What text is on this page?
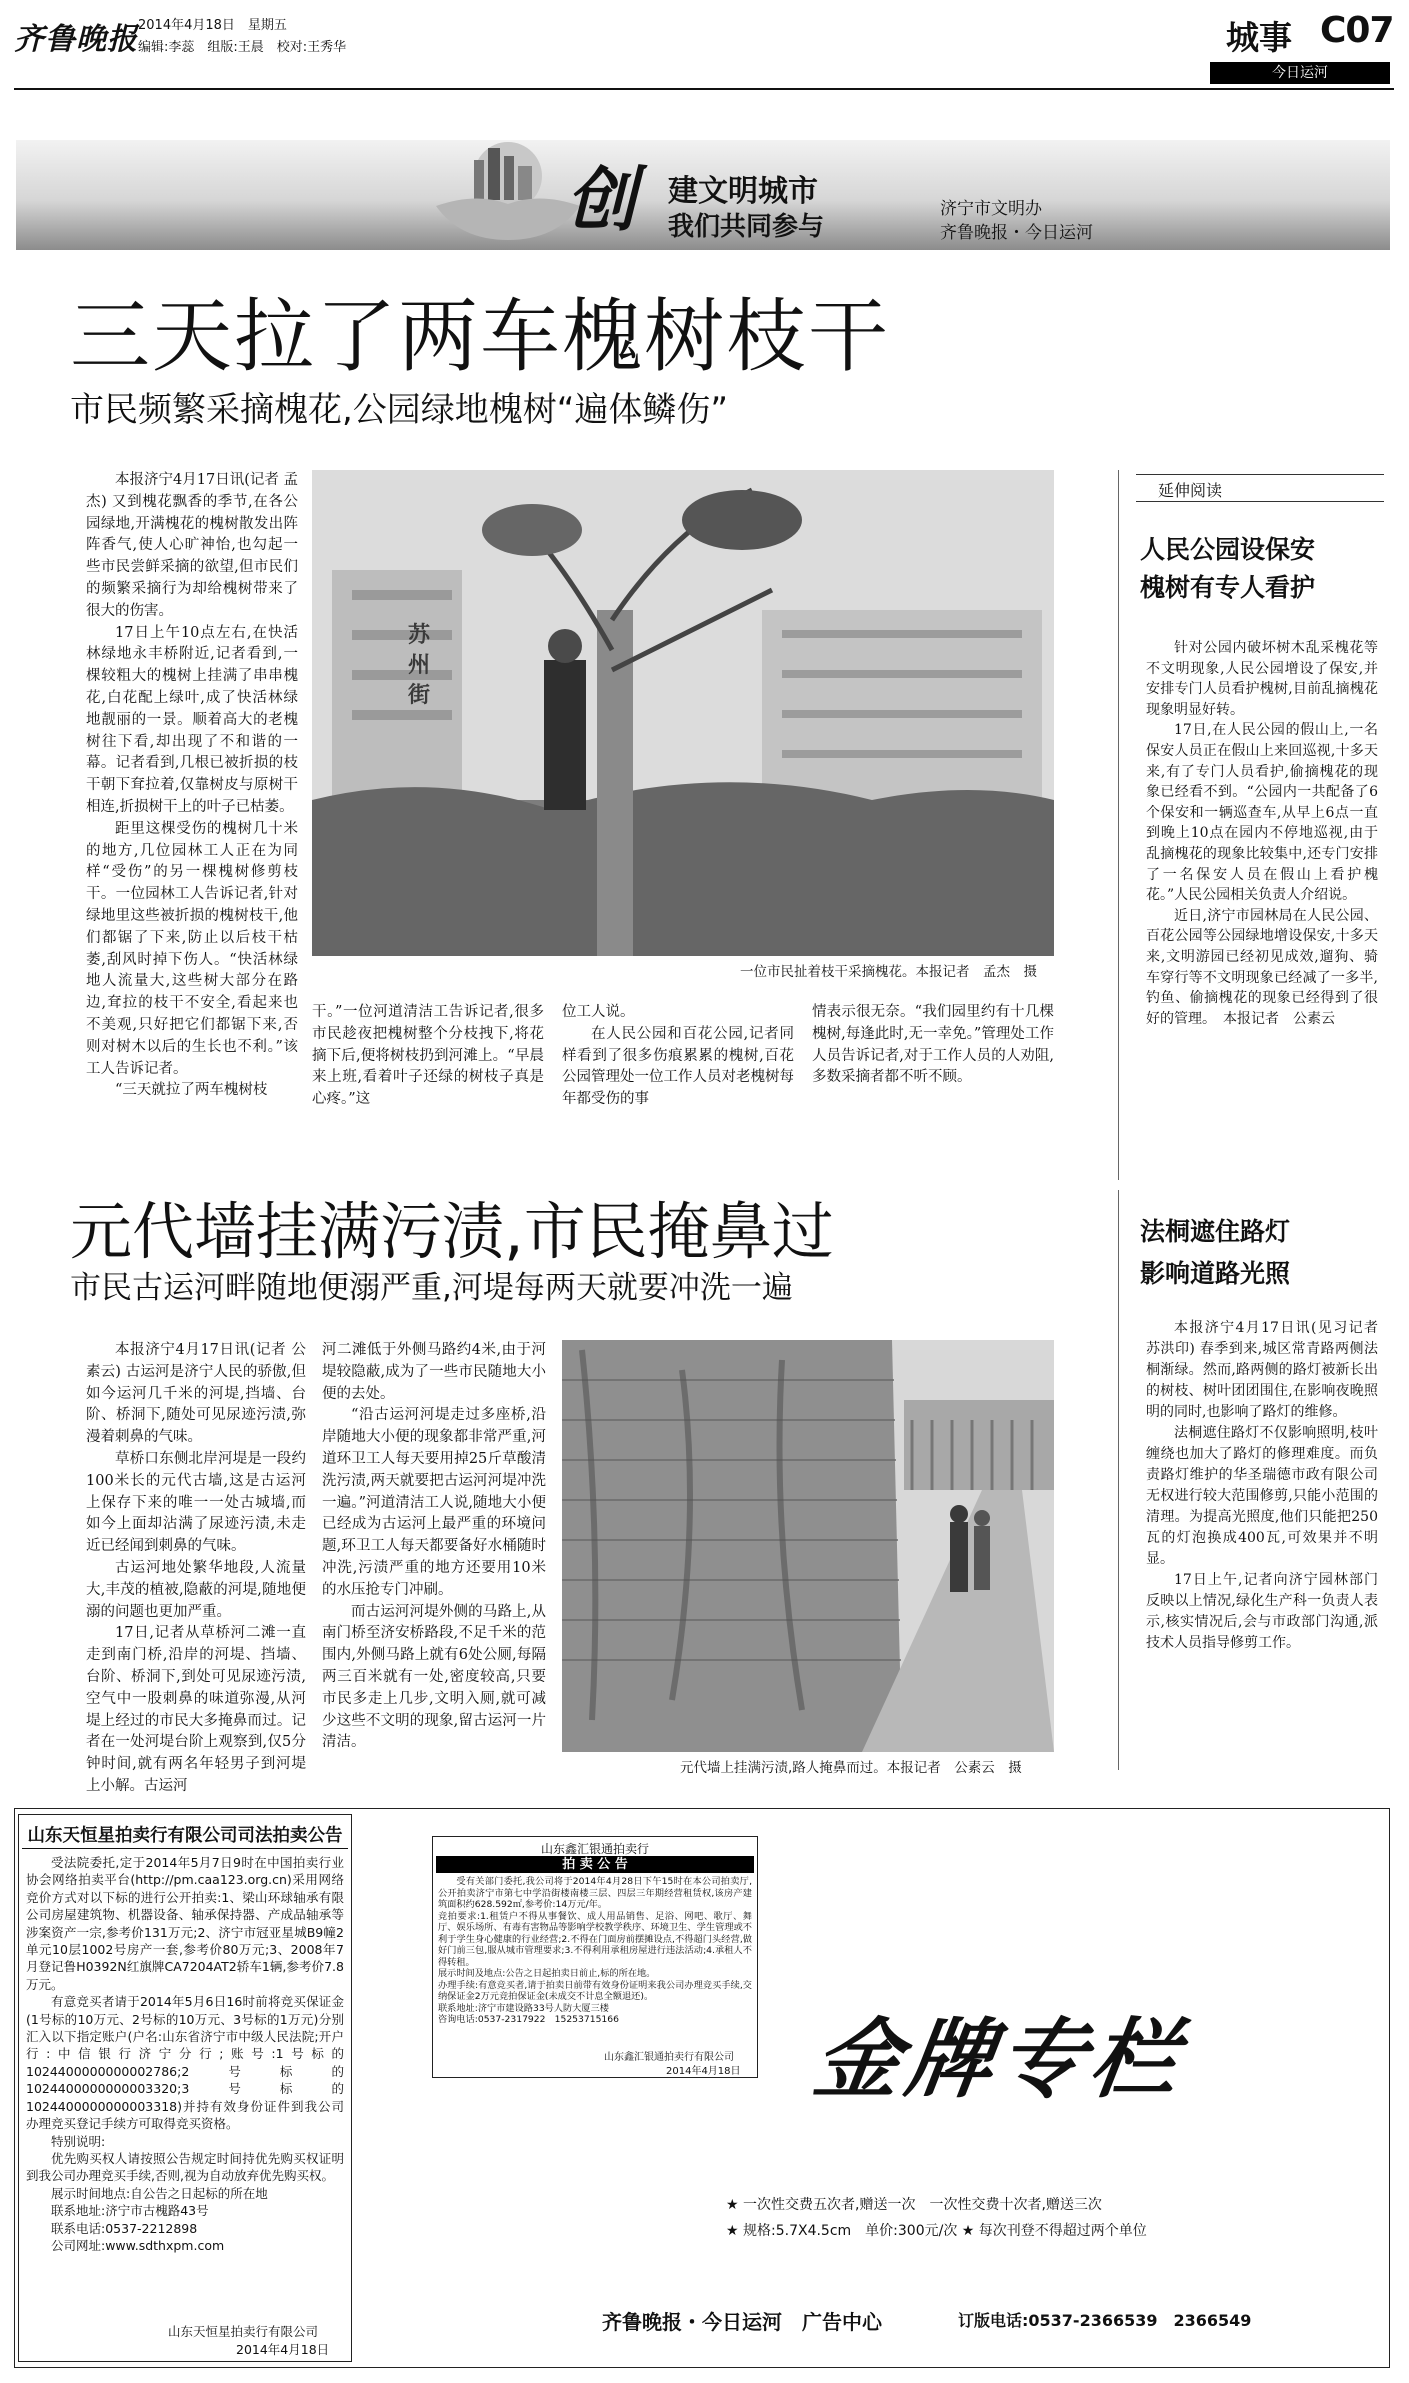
齐鲁晚报 2014年4月18日　星期五
编辑:李蕊　组版:王晨　校对:王秀华	城事 C07
今日运河
创 建文明城市
我们共同参与
济宁市文明办
齐鲁晚报・今日运河
三天拉了两车槐树枝干
市民频繁采摘槐花,公园绿地槐树“遍体鳞伤”

本报济宁4月17日讯(记者 孟杰) 又到槐花飘香的季节,在各公园绿地,开满槐花的槐树散发出阵阵香气,使人心旷神怡,也勾起一些市民尝鲜采摘的欲望,但市民们的频繁采摘行为却给槐树带来了很大的伤害。

17日上午10点左右,在快活林绿地永丰桥附近,记者看到,一棵较粗大的槐树上挂满了串串槐花,白花配上绿叶,成了快活林绿地靓丽的一景。顺着高大的老槐树往下看,却出现了不和谐的一幕。记者看到,几根已被折损的枝干朝下耷拉着,仅靠树皮与原树干相连,折损树干上的叶子已枯萎。

距里这棵受伤的槐树几十米的地方,几位园林工人正在为同样“受伤”的另一棵槐树修剪枝干。一位园林工人告诉记者,针对绿地里这些被折损的槐树枝干,他们都锯了下来,防止以后枝干枯萎,刮风时掉下伤人。“快活林绿地人流量大,这些树大部分在路边,耷拉的枝干不安全,看起来也不美观,只好把它们都锯下来,否则对树木以后的生长也不利。”该工人告诉记者。

“三天就拉了两车槐树枝

苏州街
一位市民扯着枝干采摘槐花。本报记者　孟杰　摄

干。”一位河道清洁工告诉记者,很多市民趁夜把槐树整个分枝拽下,将花摘下后,便将树枝扔到河滩上。“早晨来上班,看着叶子还绿的树枝子真是心疼。”这

位工人说。

在人民公园和百花公园,记者同样看到了很多伤痕累累的槐树,百花公园管理处一位工作人员对老槐树每年都受伤的事

情表示很无奈。“我们园里约有十几棵槐树,每逢此时,无一幸免。”管理处工作人员告诉记者,对于工作人员的人劝阻,多数采摘者都不听不顾。

延伸阅读
人民公园设保安
槐树有专人看护

针对公园内破坏树木乱采槐花等不文明现象,人民公园增设了保安,并安排专门人员看护槐树,目前乱摘槐花现象明显好转。

17日,在人民公园的假山上,一名保安人员正在假山上来回巡视,十多天来,有了专门人员看护,偷摘槐花的现象已经看不到。“公园内一共配备了6个保安和一辆巡查车,从早上6点一直到晚上10点在园内不停地巡视,由于乱摘槐花的现象比较集中,还专门安排了一名保安人员在假山上看护槐花。”人民公园相关负责人介绍说。

近日,济宁市园林局在人民公园、百花公园等公园绿地增设保安,十多天来,文明游园已经初见成效,遛狗、骑车穿行等不文明现象已经减了一多半,钓鱼、偷摘槐花的现象已经得到了很好的管理。　本报记者　公素云

元代墙挂满污渍,市民掩鼻过
市民古运河畔随地便溺严重,河堤每两天就要冲洗一遍

本报济宁4月17日讯(记者 公素云) 古运河是济宁人民的骄傲,但如今运河几千米的河堤,挡墙、台阶、桥洞下,随处可见尿迹污渍,弥漫着刺鼻的气味。

草桥口东侧北岸河堤是一段约100米长的元代古墙,这是古运河上保存下来的唯一一处古城墙,而如今上面却沾满了尿迹污渍,未走近已经闻到刺鼻的气味。

古运河地处繁华地段,人流量大,丰茂的植被,隐蔽的河堤,随地便溺的问题也更加严重。

17日,记者从草桥河二滩一直走到南门桥,沿岸的河堤、挡墙、台阶、桥洞下,到处可见尿迹污渍,空气中一股刺鼻的味道弥漫,从河堤上经过的市民大多掩鼻而过。记者在一处河堤台阶上观察到,仅5分钟时间,就有两名年轻男子到河堤上小解。古运河

河二滩低于外侧马路约4米,由于河堤较隐蔽,成为了一些市民随地大小便的去处。

“沿古运河河堤走过多座桥,沿岸随地大小便的现象都非常严重,河道环卫工人每天要用掉25斤草酸清洗污渍,两天就要把古运河河堤冲洗一遍。”河道清洁工人说,随地大小便已经成为古运河上最严重的环境问题,环卫工人每天都要备好水桶随时冲洗,污渍严重的地方还要用10米的水压抢专门冲刷。

而古运河河堤外侧的马路上,从南门桥至济安桥路段,不足千米的范围内,外侧马路上就有6处公厕,每隔两三百米就有一处,密度较高,只要市民多走上几步,文明入厕,就可减少这些不文明的现象,留古运河一片清洁。

元代墙上挂满污渍,路人掩鼻而过。本报记者　公素云　摄
法桐遮住路灯
影响道路光照

本报济宁4月17日讯(见习记者　苏洪印) 春季到来,城区常青路两侧法桐渐绿。然而,路两侧的路灯被新长出的树枝、树叶团团围住,在影响夜晚照明的同时,也影响了路灯的维修。

法桐遮住路灯不仅影响照明,枝叶缠绕也加大了路灯的修理难度。而负责路灯维护的华圣瑞德市政有限公司无权进行较大范围修剪,只能小范围的清理。为提高光照度,他们只能把250瓦的灯泡换成400瓦,可效果并不明显。

17日上午,记者向济宁园林部门反映以上情况,绿化生产科一负责人表示,核实情况后,会与市政部门沟通,派技术人员指导修剪工作。

山东天恒星拍卖行有限公司司法拍卖公告

受法院委托,定于2014年5月7日9时在中国拍卖行业协会网络拍卖平台(http://pm.caa123.org.cn)采用网络竞价方式对以下标的进行公开拍卖:1、梁山环球轴承有限公司房屋建筑物、机器设备、轴承保持器、产成品轴承等涉案资产一宗,参考价131万元;2、济宁市冠亚星城B9幢2单元10层1002号房产一套,参考价80万元;3、2008年7月登记鲁H0392N红旗牌CA7204AT2轿车1辆,参考价7.8万元。

有意竞买者请于2014年5月6日16时前将竞买保证金(1号标的10万元、2号标的10万元、3号标的1万元)分别汇入以下指定账户(户名:山东省济宁市中级人民法院;开户行:中信银行济宁分行;账号:1号标的1024400000000002786;2号标的1024400000000003320;3号标的1024400000000003318)并持有效身份证件到我公司办理竞买登记手续方可取得竞买资格。

特别说明:

优先购买权人请按照公告规定时间持优先购买权证明到我公司办理竞买手续,否则,视为自动放弃优先购买权。

展示时间地点:自公告之日起标的所在地

联系地址:济宁市古槐路43号

联系电话:0537-2212898

公司网址:www.sdthxpm.com

山东天恒星拍卖行有限公司
2014年4月18日
山东鑫汇银通拍卖行
拍 卖 公 告

受有关部门委托,我公司将于2014年4月28日下午15时在本公司拍卖厅,公开拍卖济宁市第七中学沿街楼南楼三层、四层三年期经营租赁权,该房产建筑面积约628.592㎡,参考价:14万元/年。

竞拍要求:1.租赁户不得从事餐饮、成人用品销售、足浴、网吧、歌厅、舞厅、娱乐场所、有毒有害物品等影响学校教学秩序、环境卫生、学生管理或不利于学生身心健康的行业经营;2.不得在门面房前摆摊设点,不得超门头经营,做好门前三包,服从城市管理要求;3.不得利用承租房屋进行违法活动;4.承租人不得转租。

展示时间及地点:公告之日起拍卖日前止,标的所在地。

办理手续:有意竞买者,请于拍卖日前带有效身份证明来我公司办理竞买手续,交纳保证金2万元竞拍保证金(未成交不计息全额退还)。

联系地址:济宁市建设路33号人防大厦三楼

咨询电话:0537-2317922　15253715166

山东鑫汇银通拍卖行有限公司
2014年4月18日 金牌专栏
★ 一次性交费五次者,赠送一次　一次性交费十次者,赠送三次
★ 规格:5.7X4.5cm　单价:300元/次 ★ 每次刊登不得超过两个单位
齐鲁晚报・今日运河　广告中心	订版电话:0537-2366539　2366549
